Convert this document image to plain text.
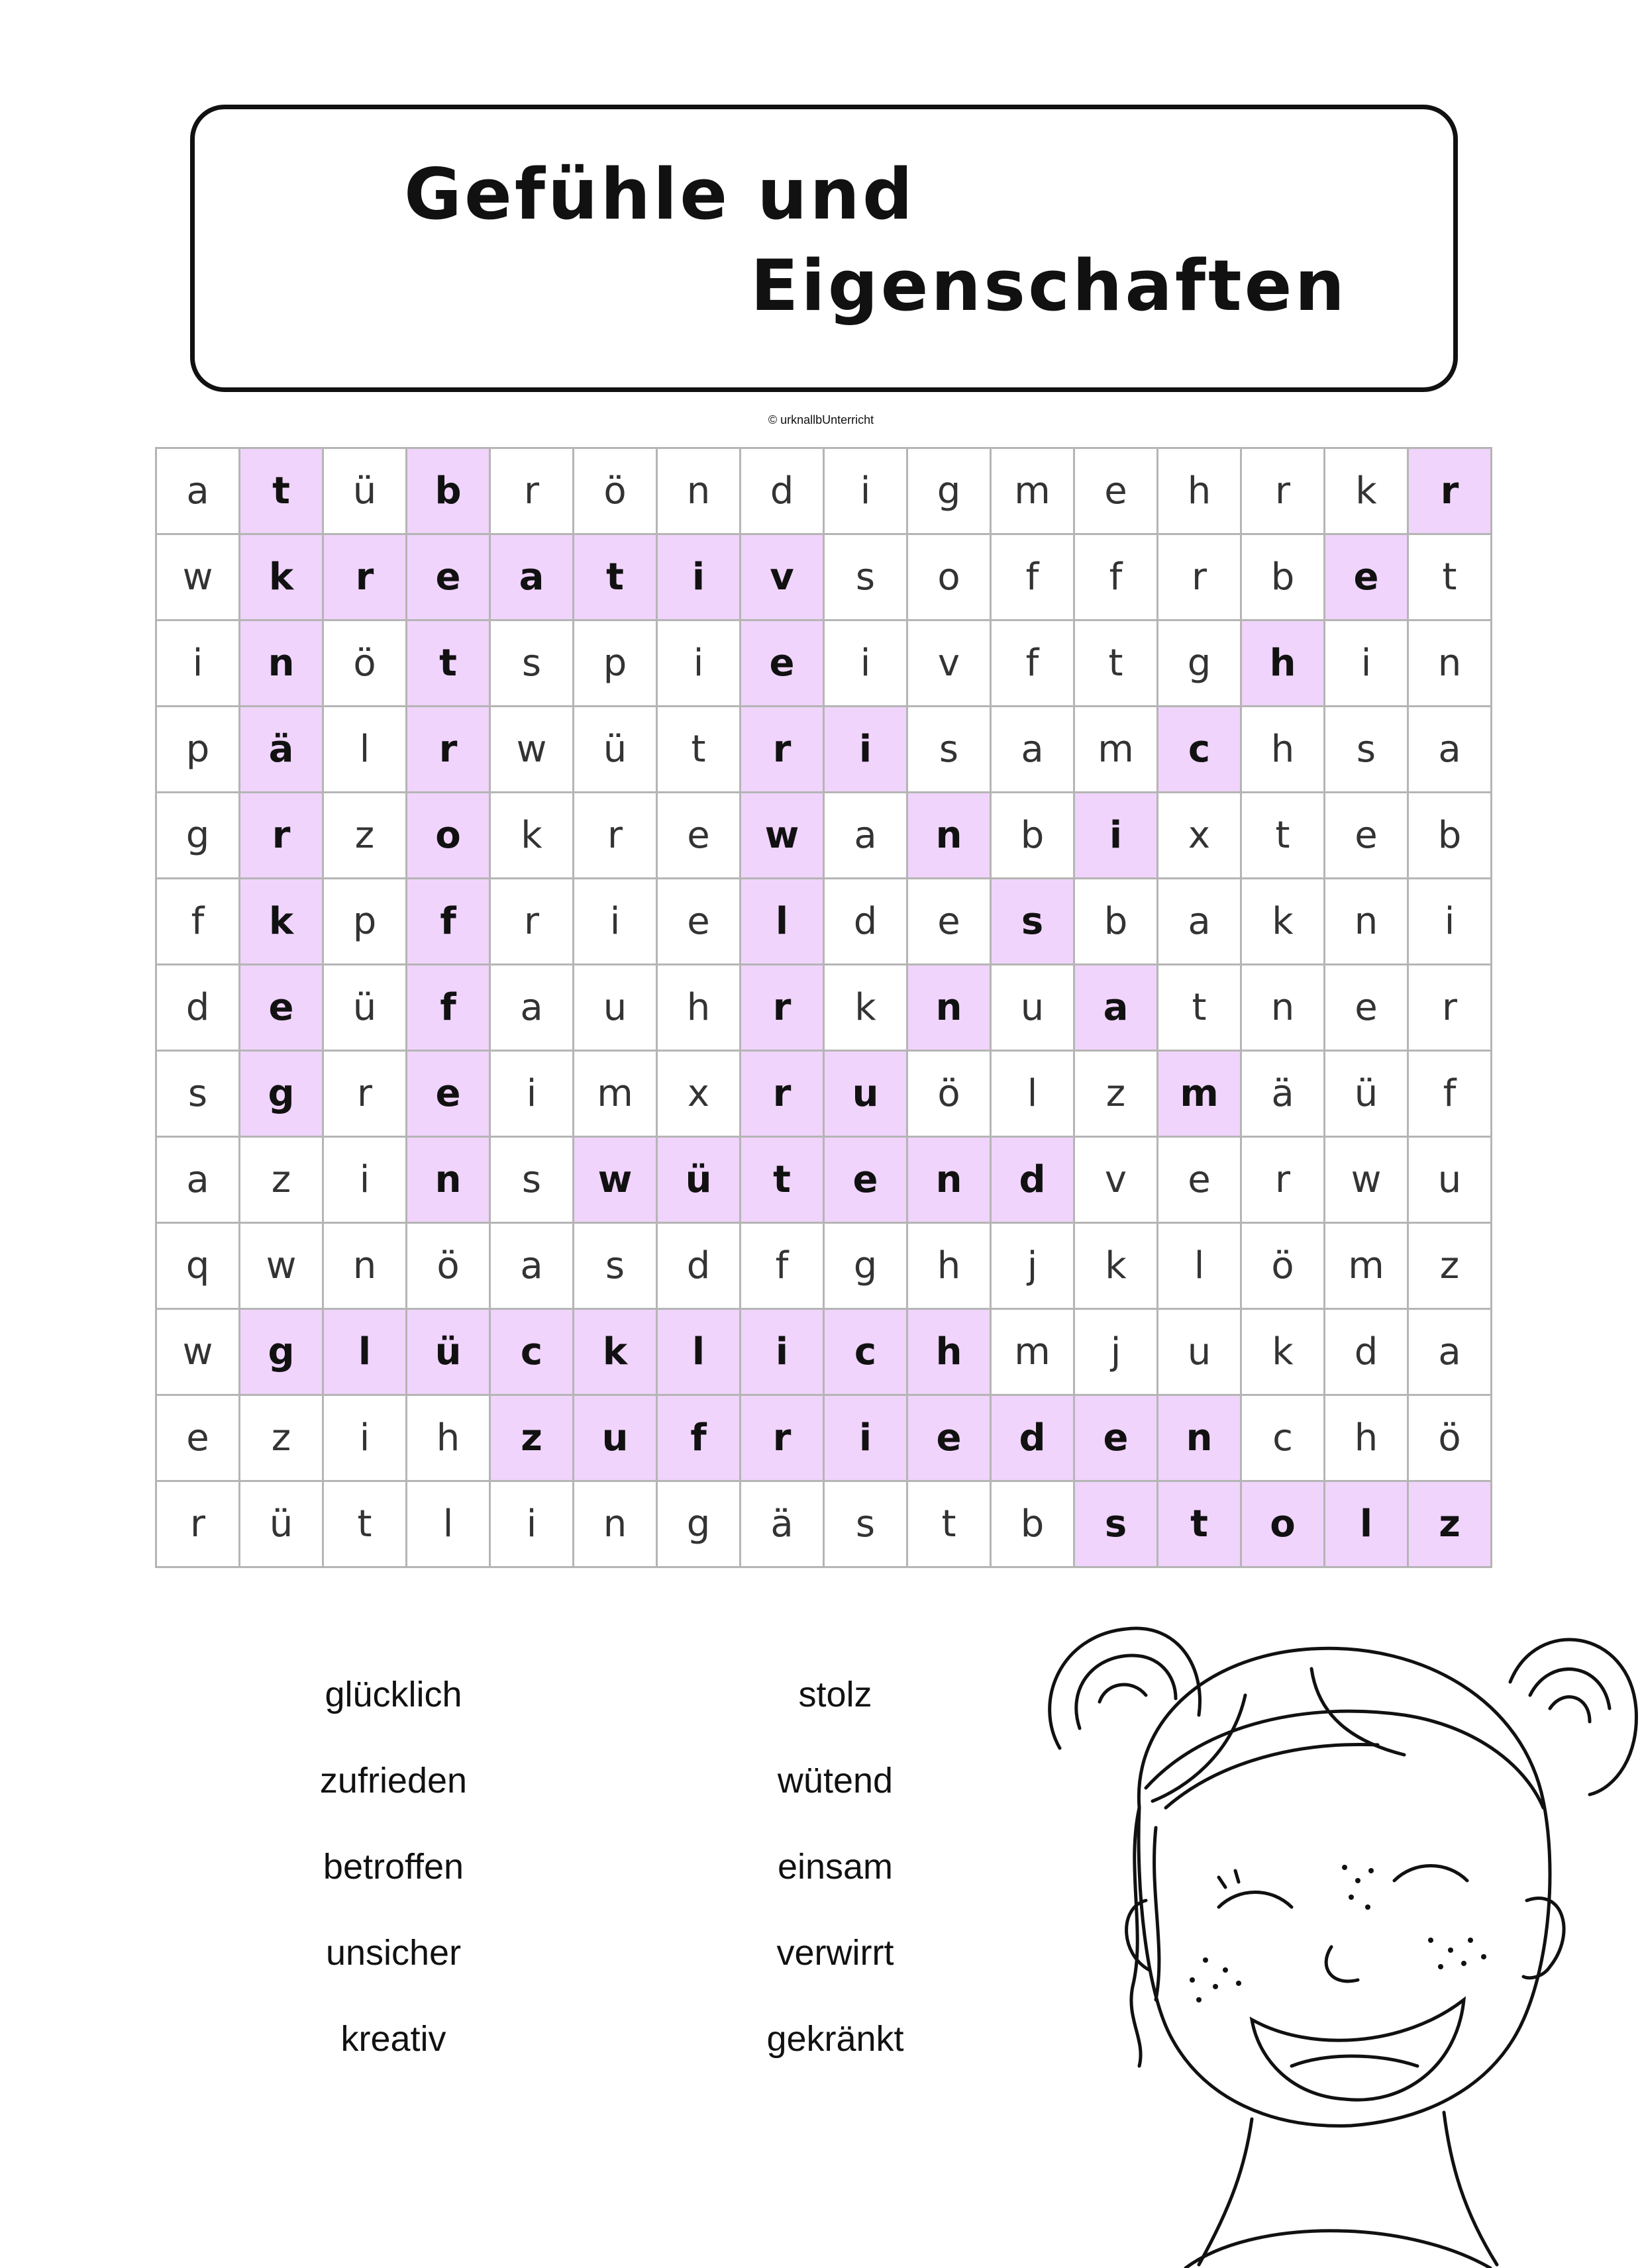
Gefühle und
Eigenschaften
© urknallbUnterricht
a	t	ü	b	r	ö	n	d	i	g	m	e	h	r	k	r
w	k	r	e	a	t	i	v	s	o	f	f	r	b	e	t
i	n	ö	t	s	p	i	e	i	v	f	t	g	h	i	n
p	ä	l	r	w	ü	t	r	i	s	a	m	c	h	s	a
g	r	z	o	k	r	e	w	a	n	b	i	x	t	e	b
f	k	p	f	r	i	e	l	d	e	s	b	a	k	n	i
d	e	ü	f	a	u	h	r	k	n	u	a	t	n	e	r
s	g	r	e	i	m	x	r	u	ö	l	z	m	ä	ü	f
a	z	i	n	s	w	ü	t	e	n	d	v	e	r	w	u
q	w	n	ö	a	s	d	f	g	h	j	k	l	ö	m	z
w	g	l	ü	c	k	l	i	c	h	m	j	u	k	d	a
e	z	i	h	z	u	f	r	i	e	d	e	n	c	h	ö
r	ü	t	l	i	n	g	ä	s	t	b	s	t	o	l	z
glücklich
zufrieden
betroffen
unsicher
kreativ
stolz
wütend
einsam
verwirrt
gekränkt
